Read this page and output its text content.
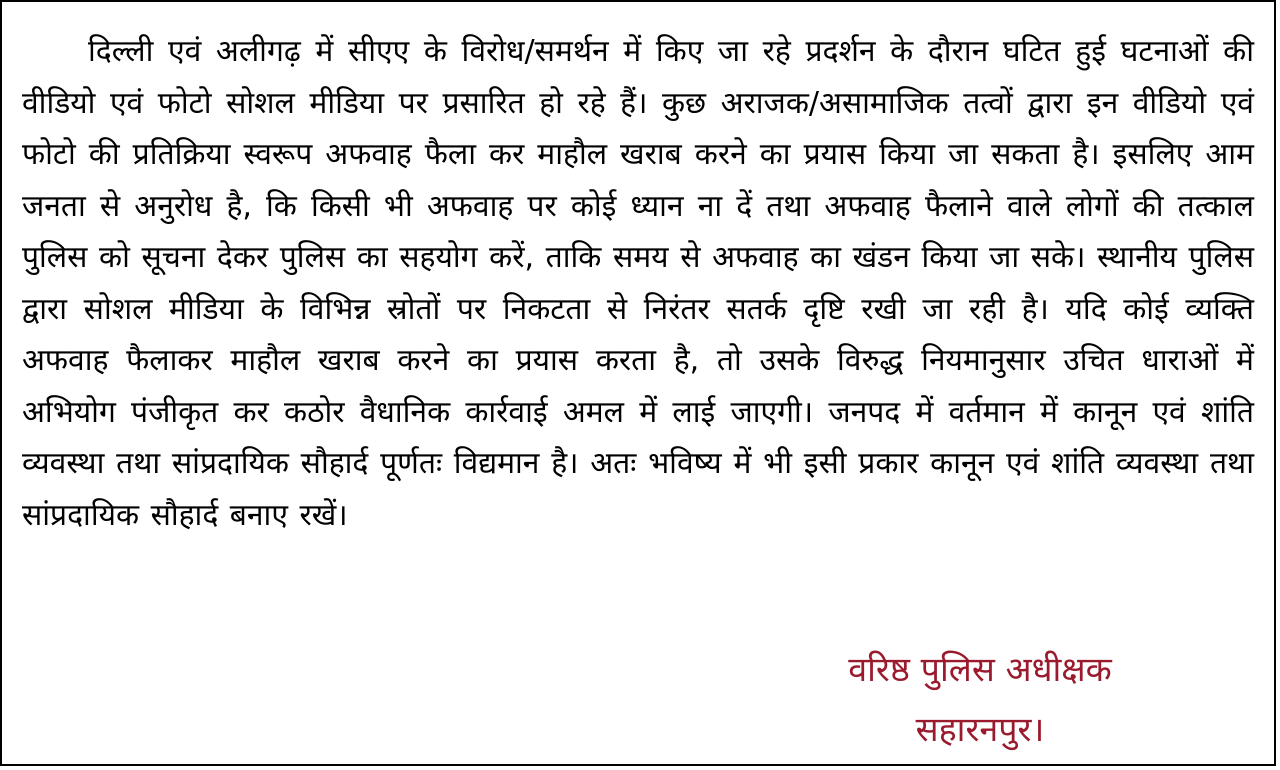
दिल्ली एवं अलीगढ़ में सीएए के विरोध/समर्थन में किए जा रहे प्रदर्शन के दौरान घटित हुई घटनाओं की वीडियो एवं फोटो सोशल मीडिया पर प्रसारित हो रहे हैं। कुछ अराजक/असामाजिक तत्वों द्वारा इन वीडियो एवं फोटो की प्रतिक्रिया स्वरूप अफवाह फैला कर माहौल खराब करने का प्रयास किया जा सकता है। इसलिए आम जनता से अनुरोध है, कि किसी भी अफवाह पर कोई ध्यान ना दें तथा अफवाह फैलाने वाले लोगों की तत्काल पुलिस को सूचना देकर पुलिस का सहयोग करें, ताकि समय से अफवाह का खंडन किया जा सके। स्थानीय पुलिस द्वारा सोशल मीडिया के विभिन्न स्रोतों पर निकटता से निरंतर सतर्क दृष्टि रखी जा रही है। यदि कोई व्यक्ति अफवाह फैलाकर माहौल खराब करने का प्रयास करता है, तो उसके विरुद्ध नियमानुसार उचित धाराओं में अभियोग पंजीकृत कर कठोर वैधानिक कार्रवाई अमल में लाई जाएगी। जनपद में वर्तमान में कानून एवं शांति व्यवस्था तथा सांप्रदायिक सौहार्द पूर्णतः विद्यमान है। अतः भविष्य में भी इसी प्रकार कानून एवं शांति व्यवस्था तथा सांप्रदायिक सौहार्द बनाए रखें।

वरिष्ठ पुलिस अधीक्षक
सहारनपुर।
